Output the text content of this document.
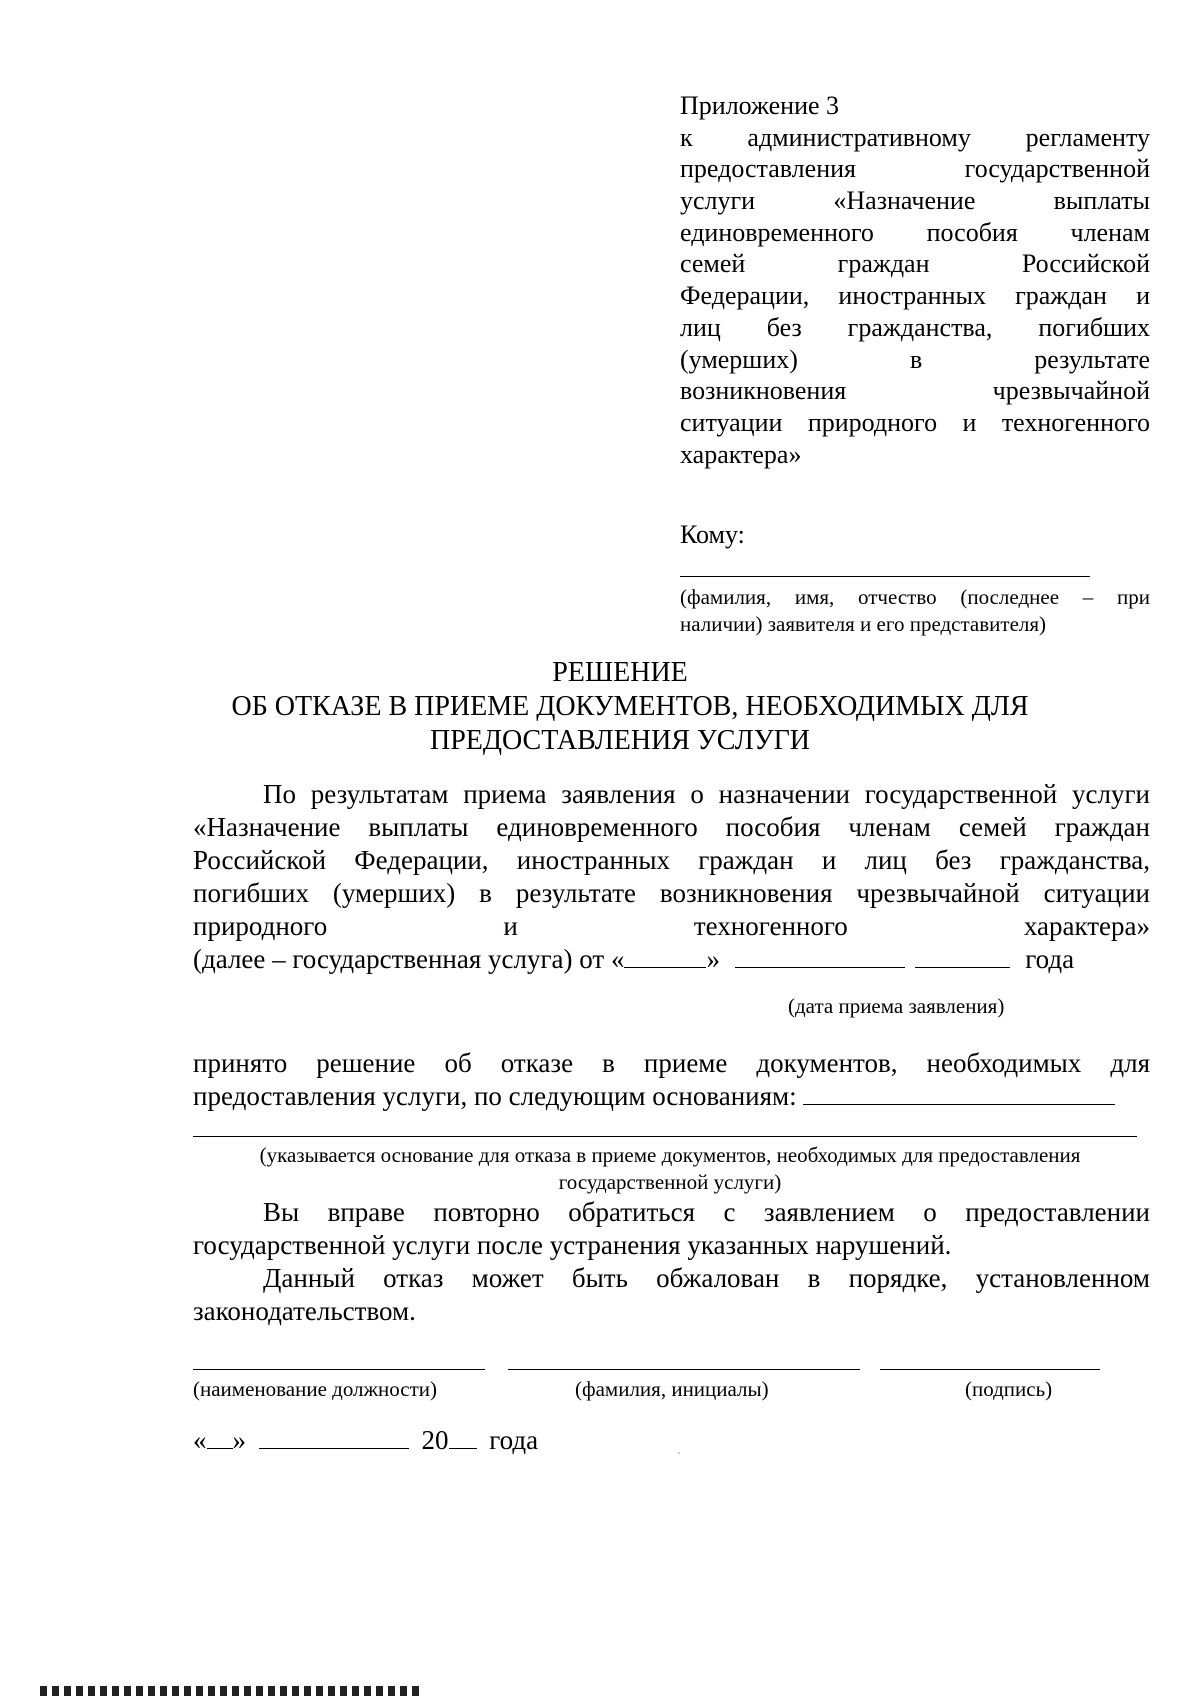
Приложение 3
к административному регламенту
предоставления государственной
услуги «Назначение выплаты
единовременного пособия членам
семей граждан Российской
Федерации, иностранных граждан и
лиц без гражданства, погибших
(умерших) в результате
возникновения чрезвычайной
ситуации природного и техногенного
характера»
Кому:
(фамилия, имя, отчество (последнее – при
наличии) заявителя и его представителя)
РЕШЕНИЕ
ОБ ОТКАЗЕ В ПРИЕМЕ ДОКУМЕНТОВ, НЕОБХОДИМЫХ ДЛЯ
ПРЕДОСТАВЛЕНИЯ УСЛУГИ
По результатам приема заявления о назначении государственной услуги
«Назначение выплаты единовременного пособия членам семей граждан
Российской Федерации, иностранных граждан и лиц без гражданства,
погибших (умерших) в результате возникновения чрезвычайной ситуации
природного и техногенного характера»
(далее – государственная услуга) от «	»	года
(дата приема заявления)
принято решение об отказе в приеме документов, необходимых для
предоставления услуги, по следующим основаниям:
(указывается основание для отказа в приеме документов, необходимых для предоставления
государственной услуги)
Вы вправе повторно обратиться с заявлением о предоставлении
государственной услуги после устранения указанных нарушений.
Данный отказ может быть обжалован в порядке, установленном
законодательством.
(наименование должности)	(фамилия, инициалы)	(подпись)
« »	20 года
